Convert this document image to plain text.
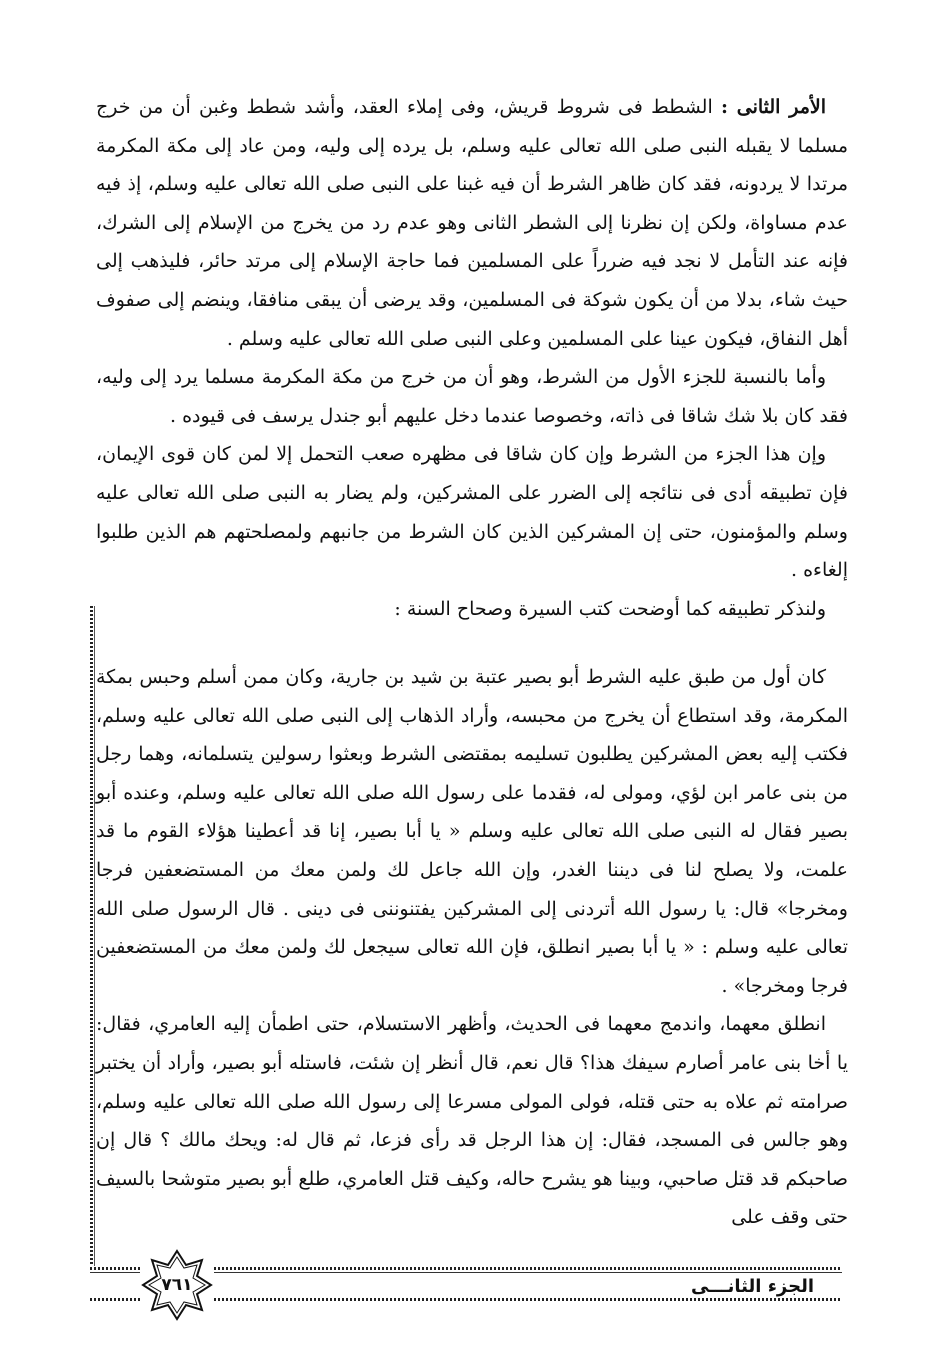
الأمر الثانى : الشطط فى شروط قريش، وفى إملاء العقد، وأشد شطط وغبن أن من خرج مسلما لا يقبله النبى صلى الله تعالى عليه وسلم، بل يرده إلى وليه، ومن عاد إلى مكة المكرمة مرتدا لا يردونه، فقد كان ظاهر الشرط أن فيه غبنا على النبى صلى الله تعالى عليه وسلم، إذ فيه عدم مساواة، ولكن إن نظرنا إلى الشطر الثانى وهو عدم رد من يخرج من الإسلام إلى الشرك، فإنه عند التأمل لا نجد فيه ضرراً على المسلمين فما حاجة الإسلام إلى مرتد حائر، فليذهب إلى حيث شاء، بدلا من أن يكون شوكة فى المسلمين، وقد يرضى أن يبقى منافقا، وينضم إلى صفوف أهل النفاق، فيكون عينا على المسلمين وعلى النبى صلى الله تعالى عليه وسلم .

وأما بالنسبة للجزء الأول من الشرط، وهو أن من خرج من مكة المكرمة مسلما يرد إلى وليه، فقد كان بلا شك شاقا فى ذاته، وخصوصا عندما دخل عليهم أبو جندل يرسف فى قيوده .

وإن هذا الجزء من الشرط وإن كان شاقا فى مظهره صعب التحمل إلا لمن كان قوى الإيمان، فإن تطبيقه أدى فى نتائجه إلى الضرر على المشركين، ولم يضار به النبى صلى الله تعالى عليه وسلم والمؤمنون، حتى إن المشركين الذين كان الشرط من جانبهم ولمصلحتهم هم الذين طلبوا إلغاءه .

ولنذكر تطبيقه كما أوضحت كتب السيرة وصحاح السنة :

كان أول من طبق عليه الشرط أبو بصير عتبة بن شيد بن جارية، وكان ممن أسلم وحبس بمكة المكرمة، وقد استطاع أن يخرج من محبسه، وأراد الذهاب إلى النبى صلى الله تعالى عليه وسلم، فكتب إليه بعض المشركين يطلبون تسليمه بمقتضى الشرط وبعثوا رسولين يتسلمانه، وهما رجل من بنى عامر ابن لؤي، ومولى له، فقدما على رسول الله صلى الله تعالى عليه وسلم، وعنده أبو بصير فقال له النبى صلى الله تعالى عليه وسلم « يا أبا بصير، إنا قد أعطينا هؤلاء القوم ما قد علمت، ولا يصلح لنا فى ديننا الغدر، وإن الله جاعل لك ولمن معك من المستضعفين فرجا ومخرجا» قال: يا رسول الله أتردنى إلى المشركين يفتنوننى فى دينى . قال الرسول صلى الله تعالى عليه وسلم : « يا أبا بصير انطلق، فإن الله تعالى سيجعل لك ولمن معك من المستضعفين فرجا ومخرجا» .

انطلق معهما، واندمج معهما فى الحديث، وأظهر الاستسلام، حتى اطمأن إليه العامري، فقال: يا أخا بنى عامر أصارم سيفك هذا؟ قال نعم، قال أنظر إن شئت، فاستله أبو بصير، وأراد أن يختبر صرامته ثم علاه به حتى قتله، فولى المولى مسرعا إلى رسول الله صلى الله تعالى عليه وسلم، وهو جالس فى المسجد، فقال: إن هذا الرجل قد رأى فزعا، ثم قال له: ويحك مالك ؟ قال إن صاحبكم قد قتل صاحبي، وبينا هو يشرح حاله، وكيف قتل العامري، طلع أبو بصير متوشحا بالسيف حتى وقف على

٧٦١	الجزء الثانـــى
